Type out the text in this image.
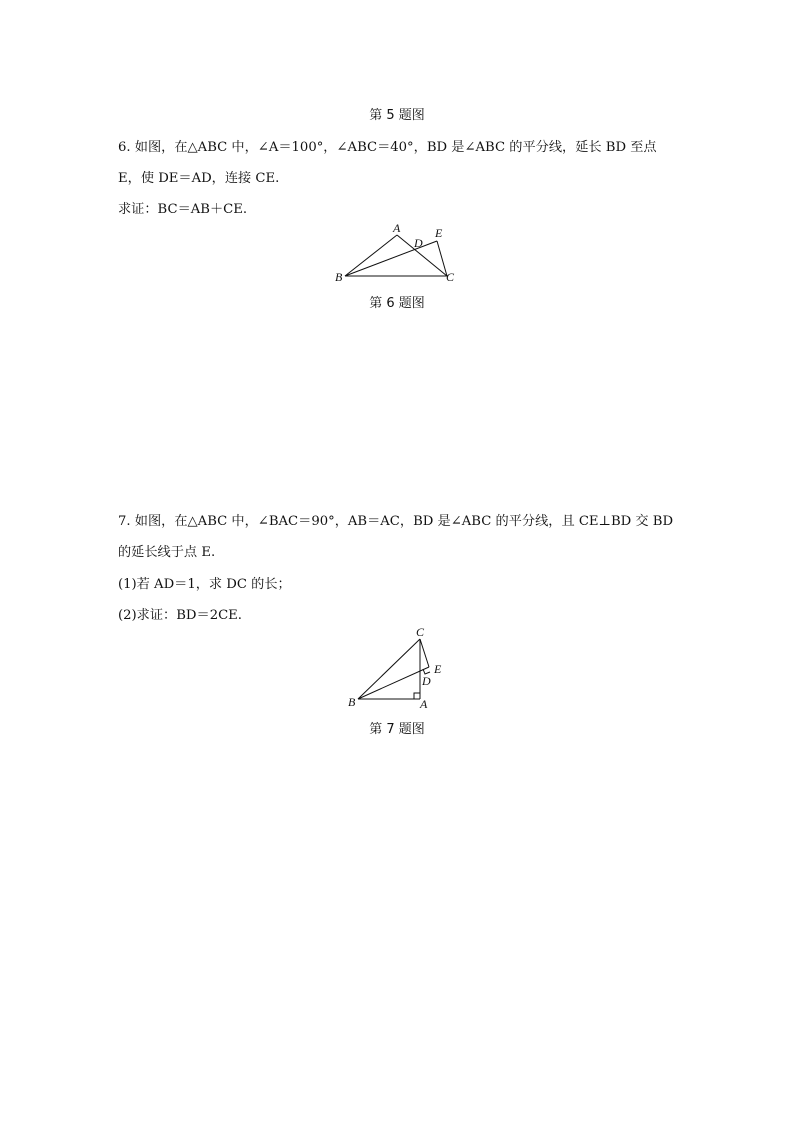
第 5 题图
6. 如图，在△ABC 中，∠A＝100°，∠ABC＝40°，BD 是∠ABC 的平分线，延长 BD 至点
E，使 DE＝AD，连接 CE.
求证：BC＝AB＋CE.
A
B	C
D
E
第 6 题图
7. 如图，在△ABC 中，∠BAC＝90°，AB＝AC，BD 是∠ABC 的平分线，且 CE⊥BD 交 BD
的延长线于点 E.
(1)若 AD＝1，求 DC 的长；
(2)求证：BD＝2CE.
C
B	A
D
E
第 7 题图
